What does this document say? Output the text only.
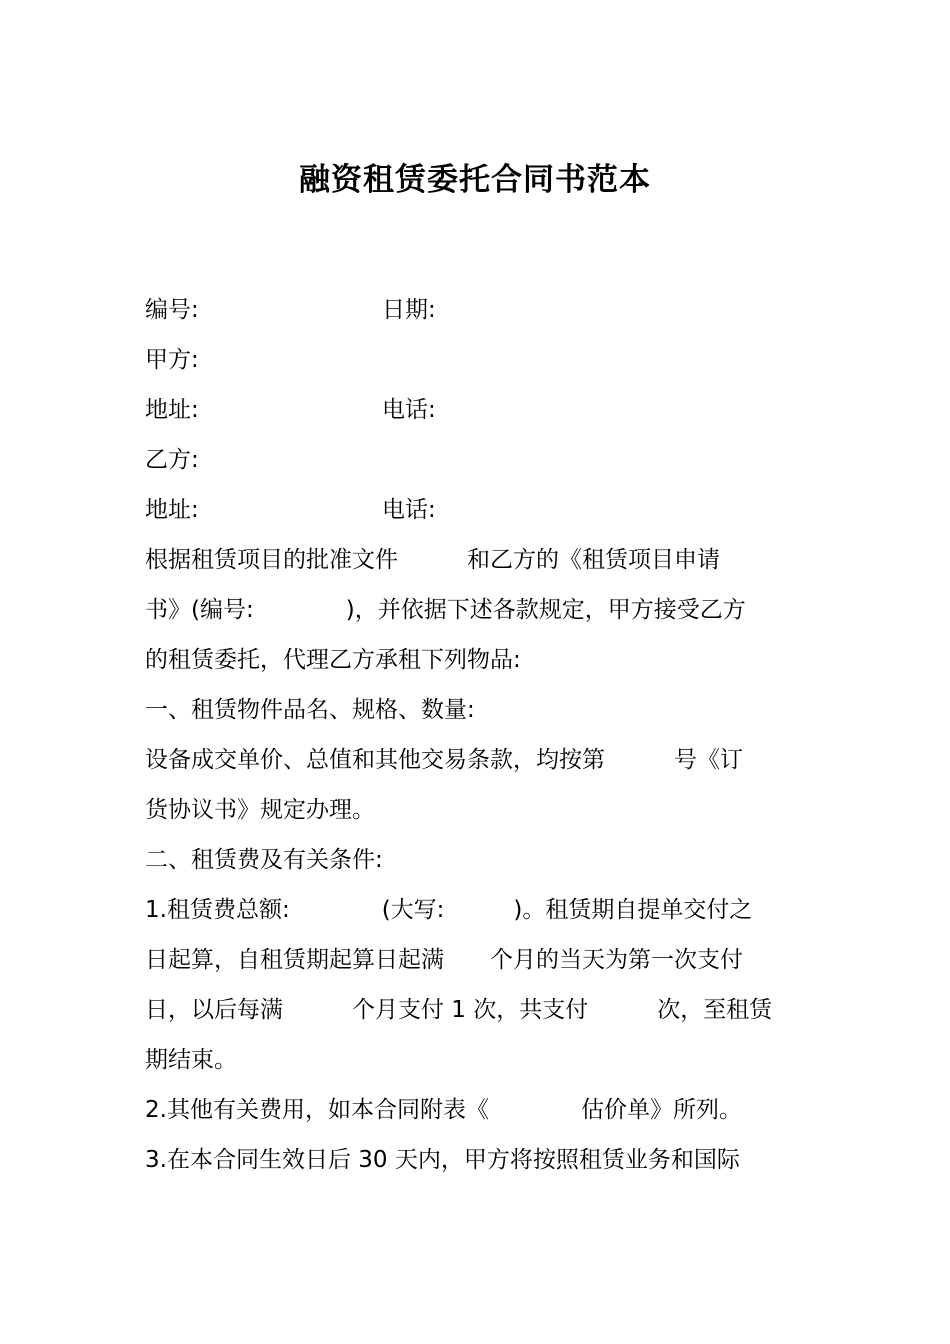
融资租赁委托合同书范本
编号:	日期:
甲方:
地址:	电话:
乙方:
地址:	电话:
根据租赁项目的批准文件　　　和乙方的《租赁项目申请
书》(编号:　　　　)，并依据下述各款规定，甲方接受乙方
的租赁委托，代理乙方承租下列物品:
一、租赁物件品名、规格、数量:
设备成交单价、总值和其他交易条款，均按第　　　号《订
货协议书》规定办理。
二、租赁费及有关条件:
1.租赁费总额:　　　　(大写:　　　)。租赁期自提单交付之
日起算，自租赁期起算日起满　　个月的当天为第一次支付
日，以后每满　　　个月支付 1 次，共支付　　　次，至租赁
期结束。
2.其他有关费用，如本合同附表《　　　　估价单》所列。
3.在本合同生效日后 30 天内，甲方将按照租赁业务和国际
